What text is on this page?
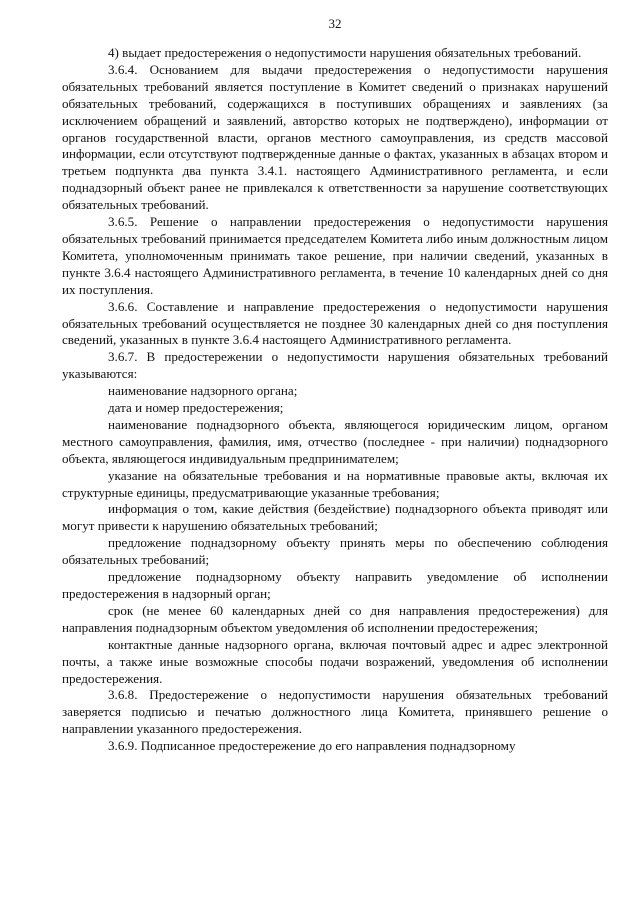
32

4) выдает предостережения о недопустимости нарушения обязательных требований.

3.6.4. Основанием для выдачи предостережения о недопустимости нарушения обязательных требований является поступление в Комитет сведений о признаках нарушений обязательных требований, содержащихся в поступивших обращениях и заявлениях (за исключением обращений и заявлений, авторство которых не подтверждено), информации от органов государственной власти, органов местного самоуправления, из средств массовой информации, если отсутствуют подтвержденные данные о фактах, указанных в абзацах втором и третьем подпункта два пункта 3.4.1. настоящего Административного регламента, и если поднадзорный объект ранее не привлекался к ответственности за нарушение соответствующих обязательных требований.

3.6.5. Решение о направлении предостережения о недопустимости нарушения обязательных требований принимается председателем Комитета либо иным должностным лицом Комитета, уполномоченным принимать такое решение, при наличии сведений, указанных в пункте 3.6.4 настоящего Административного регламента, в течение 10 календарных дней со дня их поступления.

3.6.6. Составление и направление предостережения о недопустимости нарушения обязательных требований осуществляется не позднее 30 календарных дней со дня поступления сведений, указанных в пункте 3.6.4 настоящего Административного регламента.

3.6.7. В предостережении о недопустимости нарушения обязательных требований указываются:

наименование надзорного органа;

дата и номер предостережения;

наименование поднадзорного объекта, являющегося юридическим лицом, органом местного самоуправления, фамилия, имя, отчество (последнее - при наличии) поднадзорного объекта, являющегося индивидуальным предпринимателем;

указание на обязательные требования и на нормативные правовые акты, включая их структурные единицы, предусматривающие указанные требования;

информация о том, какие действия (бездействие) поднадзорного объекта приводят или могут привести к нарушению обязательных требований;

предложение поднадзорному объекту принять меры по обеспечению соблюдения обязательных требований;

предложение поднадзорному объекту направить уведомление об исполнении предостережения в надзорный орган;

срок (не менее 60 календарных дней со дня направления предостережения) для направления поднадзорным объектом уведомления об исполнении предостережения;

контактные данные надзорного органа, включая почтовый адрес и адрес электронной почты, а также иные возможные способы подачи возражений, уведомления об исполнении предостережения.

3.6.8. Предостережение о недопустимости нарушения обязательных требований заверяется подписью и печатью должностного лица Комитета, принявшего решение о направлении указанного предостережения.

3.6.9. Подписанное предостережение до его направления поднадзорному
